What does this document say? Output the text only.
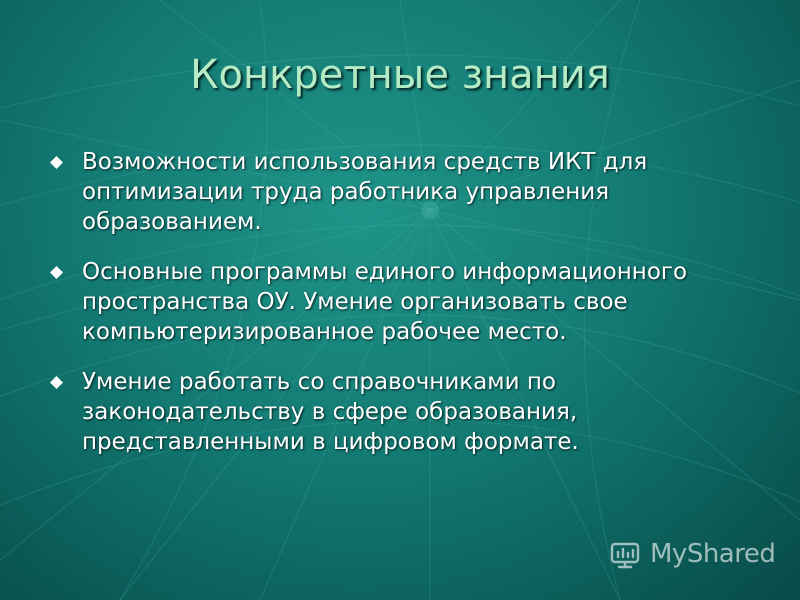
Конкретные знания
Возможности использования средств ИКТ для оптимизации труда работника управления образованием.
Основные программы единого информационного пространства ОУ. Умение организовать свое компьютеризированное рабочее место.
Умение работать со справочниками по законодательству в сфере образования, представленными в цифровом формате.
MyShared
